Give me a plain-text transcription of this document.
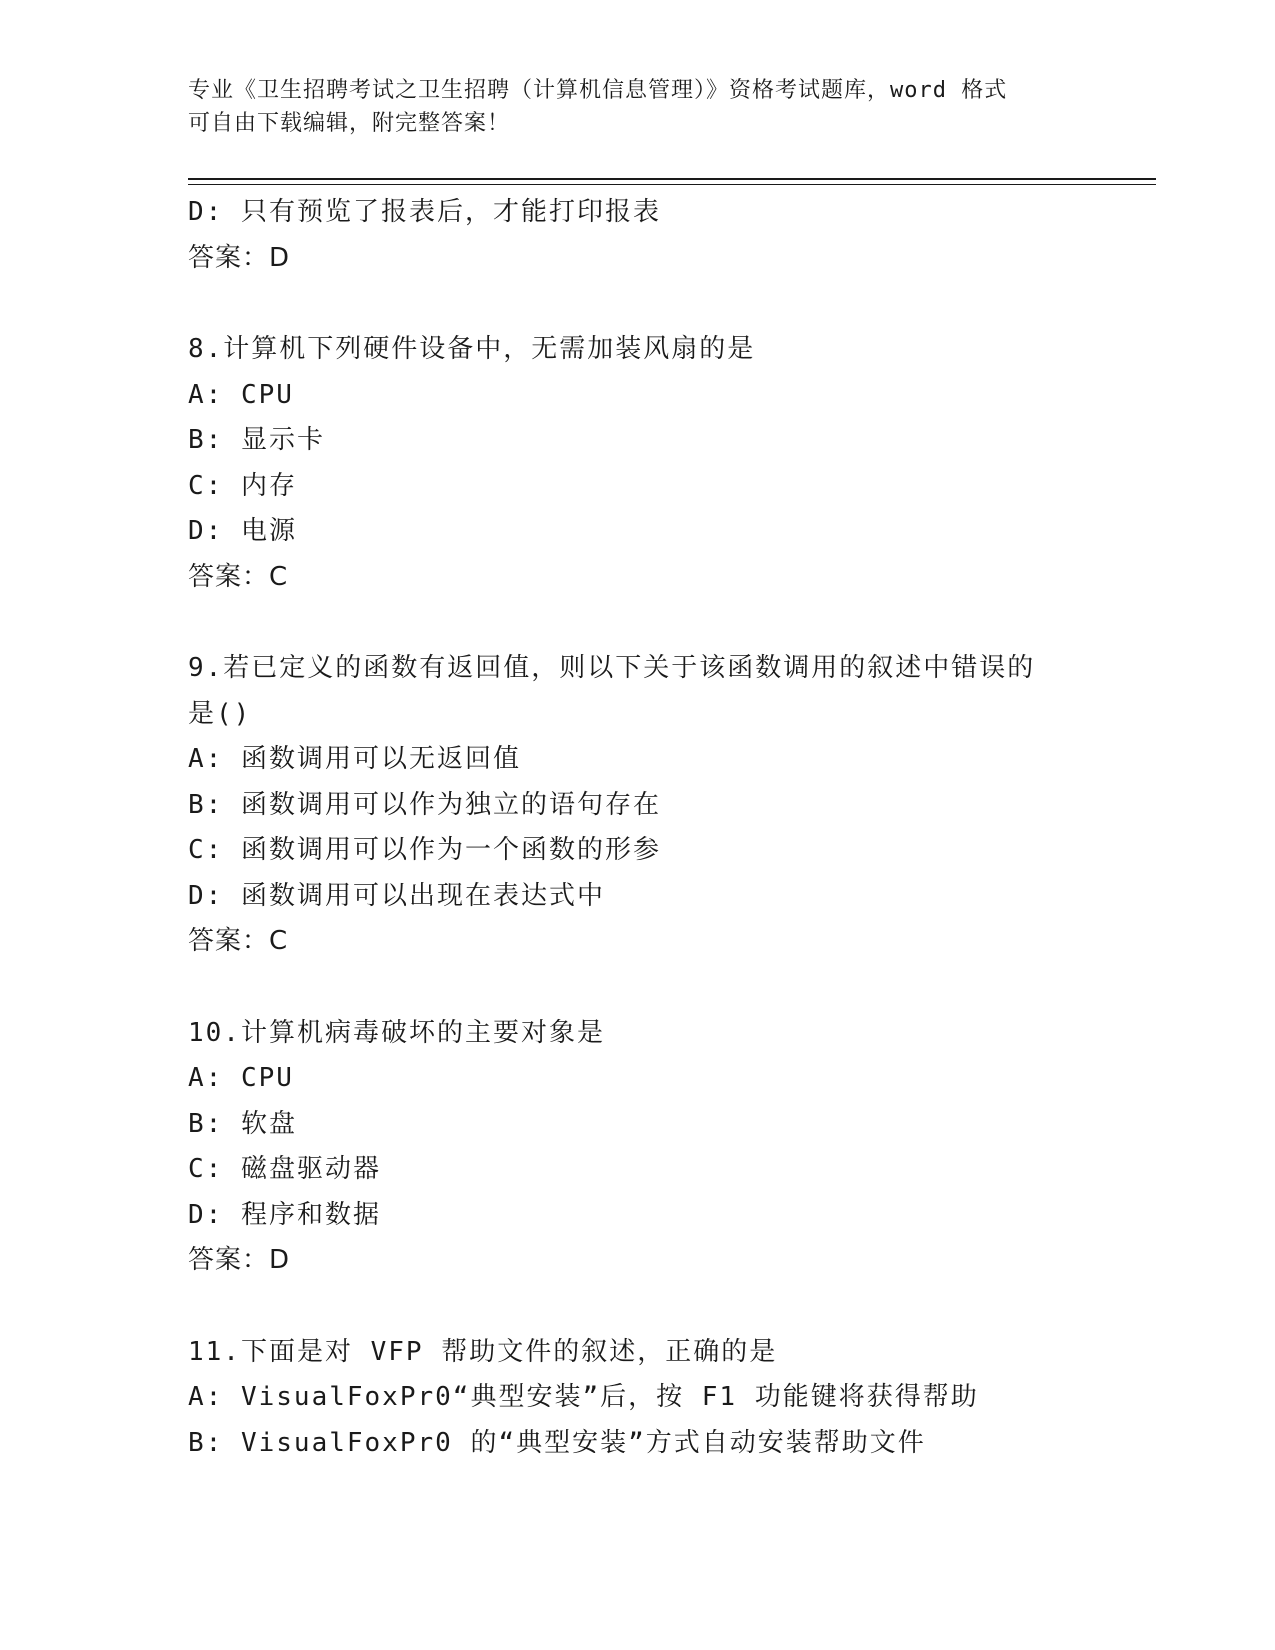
专业《卫生招聘考试之卫生招聘（计算机信息管理）》资格考试题库，word 格式
可自由下载编辑，附完整答案！
D: 只有预览了报表后，才能打印报表
答案：D
8.计算机下列硬件设备中，无需加装风扇的是
A: CPU
B: 显示卡
C: 内存
D: 电源
答案：C
9.若已定义的函数有返回值，则以下关于该函数调用的叙述中错误的
是()
A: 函数调用可以无返回值
B: 函数调用可以作为独立的语句存在
C: 函数调用可以作为一个函数的形参
D: 函数调用可以出现在表达式中
答案：C
10.计算机病毒破坏的主要对象是
A: CPU
B: 软盘
C: 磁盘驱动器
D: 程序和数据
答案：D
11.下面是对 VFP 帮助文件的叙述，正确的是
A: VisualFoxPr0“典型安装”后，按 F1 功能键将获得帮助
B: VisualFoxPr0 的“典型安装”方式自动安装帮助文件
